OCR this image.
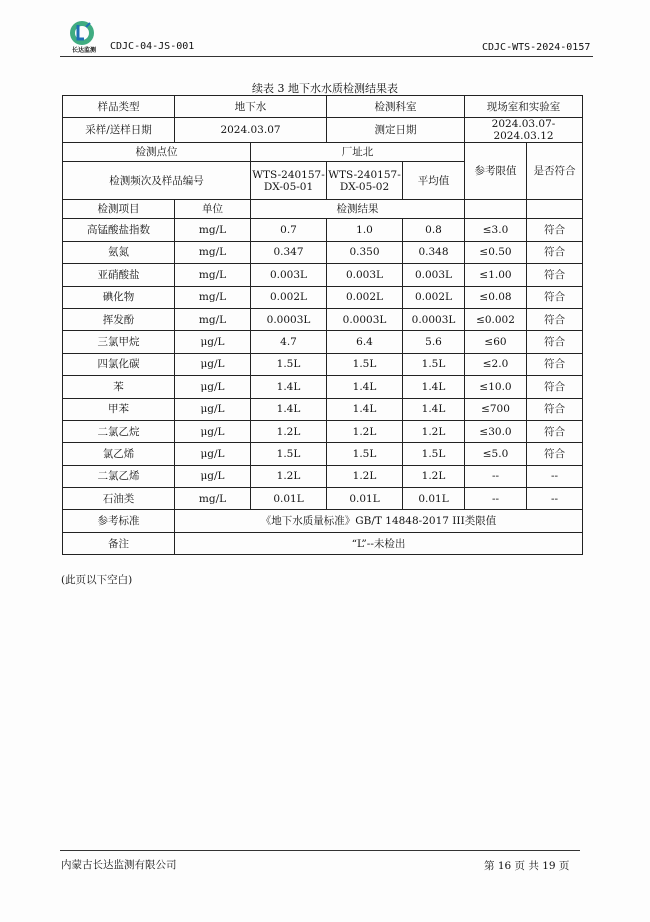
长达监测	CDJC-04-JS-001	CDJC-WTS-2024-0157
续表 3 地下水水质检测结果表
样品类型	地下水		检测科室		现场室和实验室	
采样/送样日期	2024.03.07		测定日期		2024.03.07-2024.03.12	
检测点位		厂址北			参考限值	是否符合
检测频次及样品编号		WTS-240157-DX-05-01	WTS-240157-DX-05-02	平均值		
检测项目	单位	检测结果				
高锰酸盐指数	mg/L	0.7	1.0	0.8	≤3.0	符合
氨氮	mg/L	0.347	0.350	0.348	≤0.50	符合
亚硝酸盐	mg/L	0.003L	0.003L	0.003L	≤1.00	符合
碘化物	mg/L	0.002L	0.002L	0.002L	≤0.08	符合
挥发酚	mg/L	0.0003L	0.0003L	0.0003L	≤0.002	符合
三氯甲烷	μg/L	4.7	6.4	5.6	≤60	符合
四氯化碳	μg/L	1.5L	1.5L	1.5L	≤2.0	符合
苯	μg/L	1.4L	1.4L	1.4L	≤10.0	符合
甲苯	μg/L	1.4L	1.4L	1.4L	≤700	符合
二氯乙烷	μg/L	1.2L	1.2L	1.2L	≤30.0	符合
氯乙烯	μg/L	1.5L	1.5L	1.5L	≤5.0	符合
二氯乙烯	μg/L	1.2L	1.2L	1.2L	--	--
石油类	mg/L	0.01L	0.01L	0.01L	--	--
参考标准	《地下水质量标准》GB/T 14848-2017 III类限值					
备注	“L”--未检出					
(此页以下空白)
内蒙古长达监测有限公司	第 16 页 共 19 页
